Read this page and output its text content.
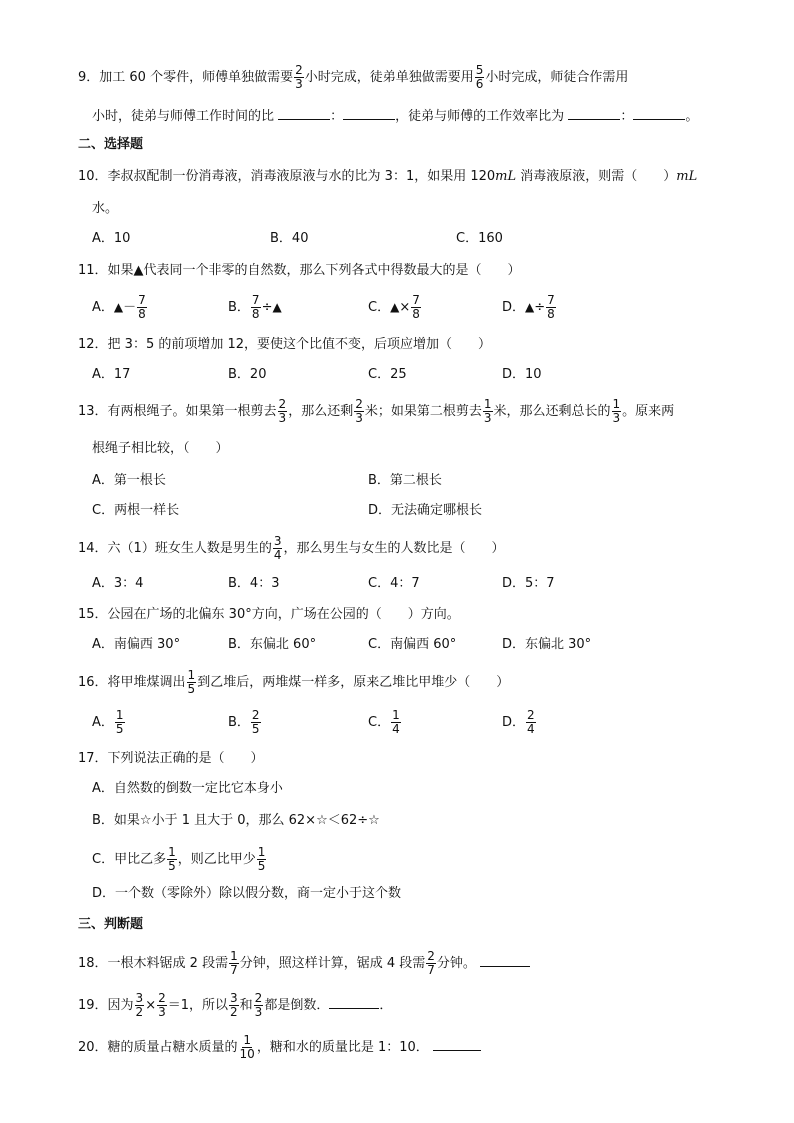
9．加工 60 个零件，师傅单独做需要 $\frac{2}{3}$ 小时完成，徒弟单独做需要用 $\frac{5}{6}$ 小时完成，师徒合作需用
小时，徒弟与师傅工作时间的比	：	，徒弟与师傅的工作效率比为	：	。
二、选择题
10．李叔叔配制一份消毒液，消毒液原液与水的比为 3：1，如果用 120mL 消毒液原液，则需（　　）mL
水。
A．10	B．40	C．160
11．如果▲代表同一个非零的自然数，那么下列各式中得数最大的是（　　）
A．▲－ $\frac{7}{8}$	B． $\frac{7}{8}$ ÷▲	C．▲× $\frac{7}{8}$	D．▲÷ $\frac{7}{8}$
12．把 3：5 的前项增加 12，要使这个比值不变，后项应增加（　　）
A．17	B．20	C．25	D．10
13．有两根绳子。如果第一根剪去 $\frac{2}{3}$ ，那么还剩 $\frac{2}{3}$ 米；如果第二根剪去 $\frac{1}{3}$ 米，那么还剩总长的 $\frac{1}{3}$ 。原来两
根绳子相比较，（　　）
A．第一根长	B．第二根长
C．两根一样长	D．无法确定哪根长
14．六（1）班女生人数是男生的 $\frac{3}{4}$ ，那么男生与女生的人数比是（　　）
A．3：4	B．4：3	C．4：7	D．5：7
15．公园在广场的北偏东 30°方向，广场在公园的（　　）方向。
A．南偏西 30°	B．东偏北 60°	C．南偏西 60°	D．东偏北 30°
16．将甲堆煤调出 $\frac{1}{5}$ 到乙堆后，两堆煤一样多，原来乙堆比甲堆少（　　）
A． $\frac{1}{5}$	B． $\frac{2}{5}$	C． $\frac{1}{4}$	D． $\frac{2}{4}$
17．下列说法正确的是（　　）
A．自然数的倒数一定比它本身小
B．如果☆小于 1 且大于 0，那么 62×☆＜62÷☆
C．甲比乙多 $\frac{1}{5}$ ，则乙比甲少 $\frac{1}{5}$
D．一个数（零除外）除以假分数，商一定小于这个数
三、判断题
18．一根木料锯成 2 段需 $\frac{1}{7}$ 分钟，照这样计算，锯成 4 段需 $\frac{2}{7}$ 分钟。
19．因为 $\frac{3}{2} \times \frac{2}{3} =1$，所以 $\frac{3}{2}$ 和 $\frac{2}{3}$ 都是倒数．	．
20．糖的质量占糖水质量的 $\frac{1}{10}$ ，糖和水的质量比是 1：10．
